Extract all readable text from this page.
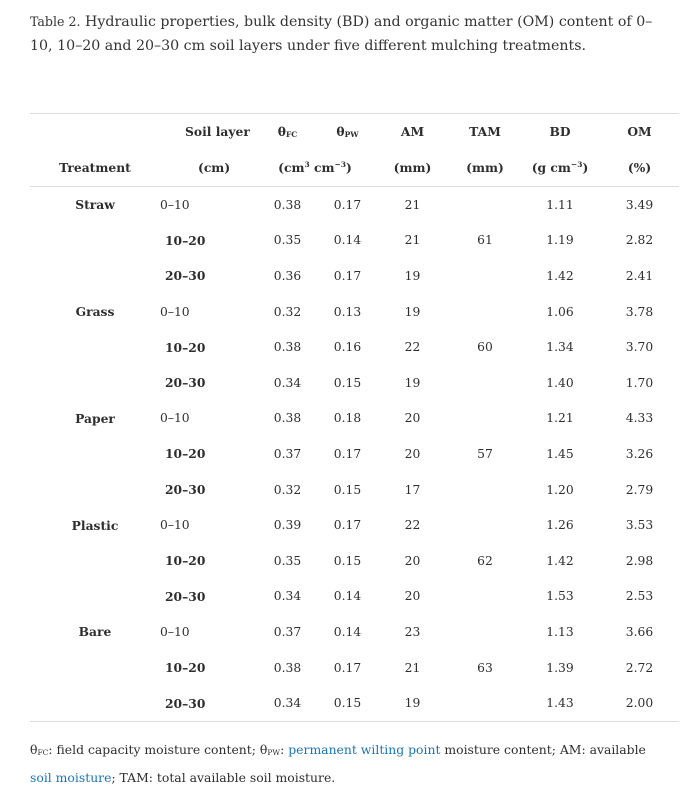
Table 2. Hydraulic properties, bulk density (BD) and organic matter (OM) content of 0–10, 10–20 and 20–30 cm soil layers under five different mulching treatments.
	Soil layer	$\theta_{FC}$	$\theta_{PW}$	AM	TAM	BD	OM
Treatment	(cm)	($cm^3$ $cm^{-3}$)		(mm)	(mm)	(g $cm^{-3}$)	(%)
Straw	0–10	0.38	0.17	21		1.11	3.49
	10–20	0.35	0.14	21	61	1.19	2.82
	20–30	0.36	0.17	19		1.42	2.41
Grass	0–10	0.32	0.13	19		1.06	3.78
	10–20	0.38	0.16	22	60	1.34	3.70
	20–30	0.34	0.15	19		1.40	1.70
Paper	0–10	0.38	0.18	20		1.21	4.33
	10–20	0.37	0.17	20	57	1.45	3.26
	20–30	0.32	0.15	17		1.20	2.79
Plastic	0–10	0.39	0.17	22		1.26	3.53
	10–20	0.35	0.15	20	62	1.42	2.98
	20–30	0.34	0.14	20		1.53	2.53
Bare	0–10	0.37	0.14	23		1.13	3.66
	10–20	0.38	0.17	21	63	1.39	2.72
	20–30	0.34	0.15	19		1.43	2.00
$\theta_{FC}$: field capacity moisture content; $\theta_{PW}$: permanent wilting point moisture content; AM: available soil moisture; TAM: total available soil moisture.
